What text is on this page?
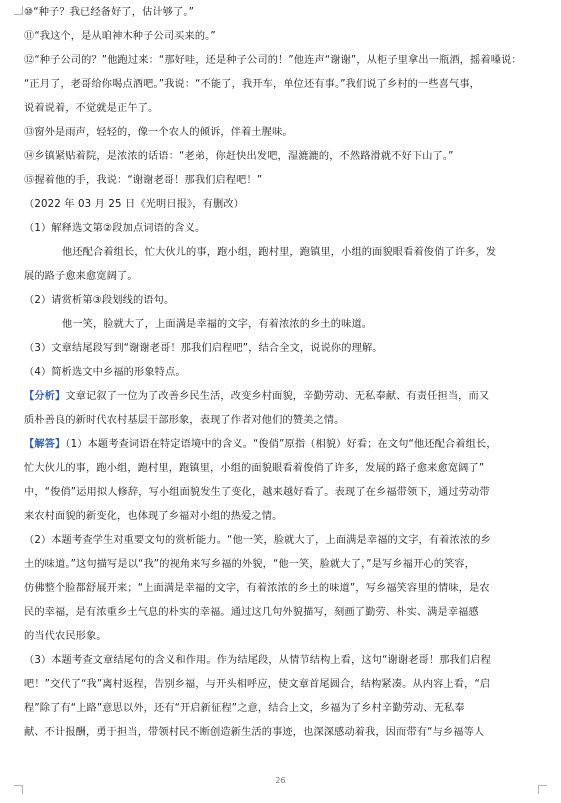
⑩“种子？我已经备好了，估计够了。”
⑪“我这个，是从咱神木种子公司买来的。”
⑫“种子公司的？”他跑过来：“那好哇，还是种子公司的！”他连声“谢谢”，从柜子里拿出一瓶酒，摇着嗓说：
“正月了，老哥给你喝点酒吧。”我说：“不能了，我开车，单位还有事。”我们说了乡村的一些喜气事，
说着说着，不觉就是正午了。
⑬窗外是雨声，轻轻的，像一个农人的倾诉，伴着土腥味。
⑭乡镇紧贴着院，是浓浓的话语：“老弟，你赶快出发吧，湿漉漉的，不然路滑就不好下山了。”
⑮握着他的手，我说：“谢谢老哥！那我们启程吧！”
（2022 年 03 月 25 日《光明日报》，有删改）
（1）解释选文第②段加点词语的含义。
他还配合着组长，忙大伙儿的事，跑小组，跑村里，跑镇里，小组的面貌眼看着俊俏了许多，发
展的路子愈来愈宽阔了。
（2）请赏析第③段划线的语句。
他一笑，脸就大了，上面满是幸福的文字，有着浓浓的乡土的味道。
（3）文章结尾段写到“谢谢老哥！那我们启程吧”，结合全文，说说你的理解。
（4）简析选文中乡福的形象特点。
【分析】文章记叙了一位为了改善乡民生活，改变乡村面貌，辛勤劳动、无私奉献、有责任担当，而又
质朴善良的新时代农村基层干部形象，表现了作者对他们的赞美之情。
【解答】（1）本题考查词语在特定语境中的含义。“俊俏”原指（相貌）好看；在文句“他还配合着组长，
忙大伙儿的事，跑小组，跑村里，跑镇里，小组的面貌眼看着俊俏了许多，发展的路子愈来愈宽阔了”
中，“俊俏”运用拟人修辞，写小组面貌发生了变化，越来越好看了。表现了在乡福带领下，通过劳动带
来农村面貌的新变化，也体现了乡福对小组的热爱之情。
（2）本题考查学生对重要文句的赏析能力。“他一笑，脸就大了，上面满是幸福的文字，有着浓浓的乡
土的味道。”这句描写是以“我”的视角来写乡福的外貌，“他一笑，脸就大了，”是写乡福开心的笑容，
仿佛整个脸都舒展开来；“上面满是幸福的文字，有着浓浓的乡土的味道”，写乡福笑容里的情味，是农
民的幸福，是有浓重乡土气息的朴实的幸福。通过这几句外貌描写，刻画了勤劳、朴实、满是幸福感
的当代农民形象。
（3）本题考查文章结尾句的含义和作用。作为结尾段，从情节结构上看，这句“谢谢老哥！那我们启程
吧！”交代了“我”离村返程，告别乡福，与开头相呼应，使文章首尾圆合，结构紧凑。从内容上看，“启
程”除了有“上路”意思以外，还有“开启新征程”之意，结合上文，乡福为了乡村辛勤劳动、无私奉
献、不计报酬，勇于担当，带领村民不断创造新生活的事迹，也深深感动着我，因而带有“与乡福等人
26
